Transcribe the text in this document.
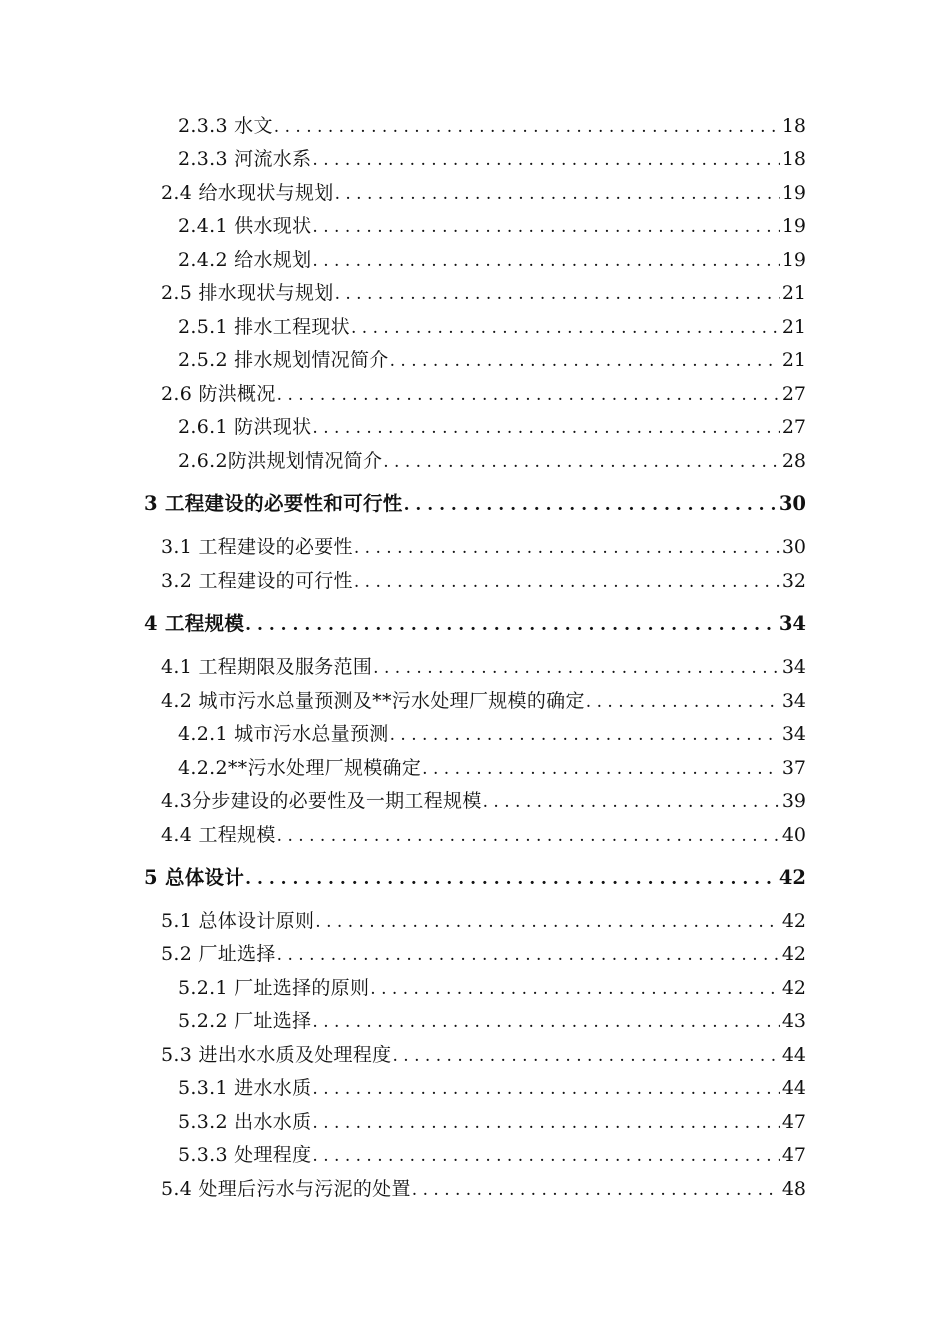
2.3.3 水文 . . .	18
2.3.3 河流水系 . . .	18
2.4 给水现状与规划 . . .	19
2.4.1 供水现状 . . .	19
2.4.2 给水规划 . . .	19
2.5 排水现状与规划 . . .	21
2.5.1 排水工程现状 . . .	21
2.5.2 排水规划情况简介 . . .	21
2.6 防洪概况 . . .	27
2.6.1 防洪现状 . . .	27
2.6.2防洪规划情况简介 . . .	28
3 工程建设的必要性和可行性 . . .	30
3.1 工程建设的必要性 . . .	30
3.2 工程建设的可行性 . . .	32
4 工程规模 . . .	34
4.1 工程期限及服务范围 . . .	34
4.2 城市污水总量预测及**污水处理厂规模的确定 . . .	34
4.2.1 城市污水总量预测 . . .	34
4.2.2**污水处理厂规模确定 . . .	37
4.3分步建设的必要性及一期工程规模 . . .	39
4.4 工程规模 . . .	40
5 总体设计 . . .	42
5.1 总体设计原则 . . .	42
5.2 厂址选择 . . .	42
5.2.1 厂址选择的原则 . . .	42
5.2.2 厂址选择 . . .	43
5.3 进出水水质及处理程度 . . .	44
5.3.1 进水水质 . . .	44
5.3.2 出水水质 . . .	47
5.3.3 处理程度 . . .	47
5.4 处理后污水与污泥的处置 . . .	48
